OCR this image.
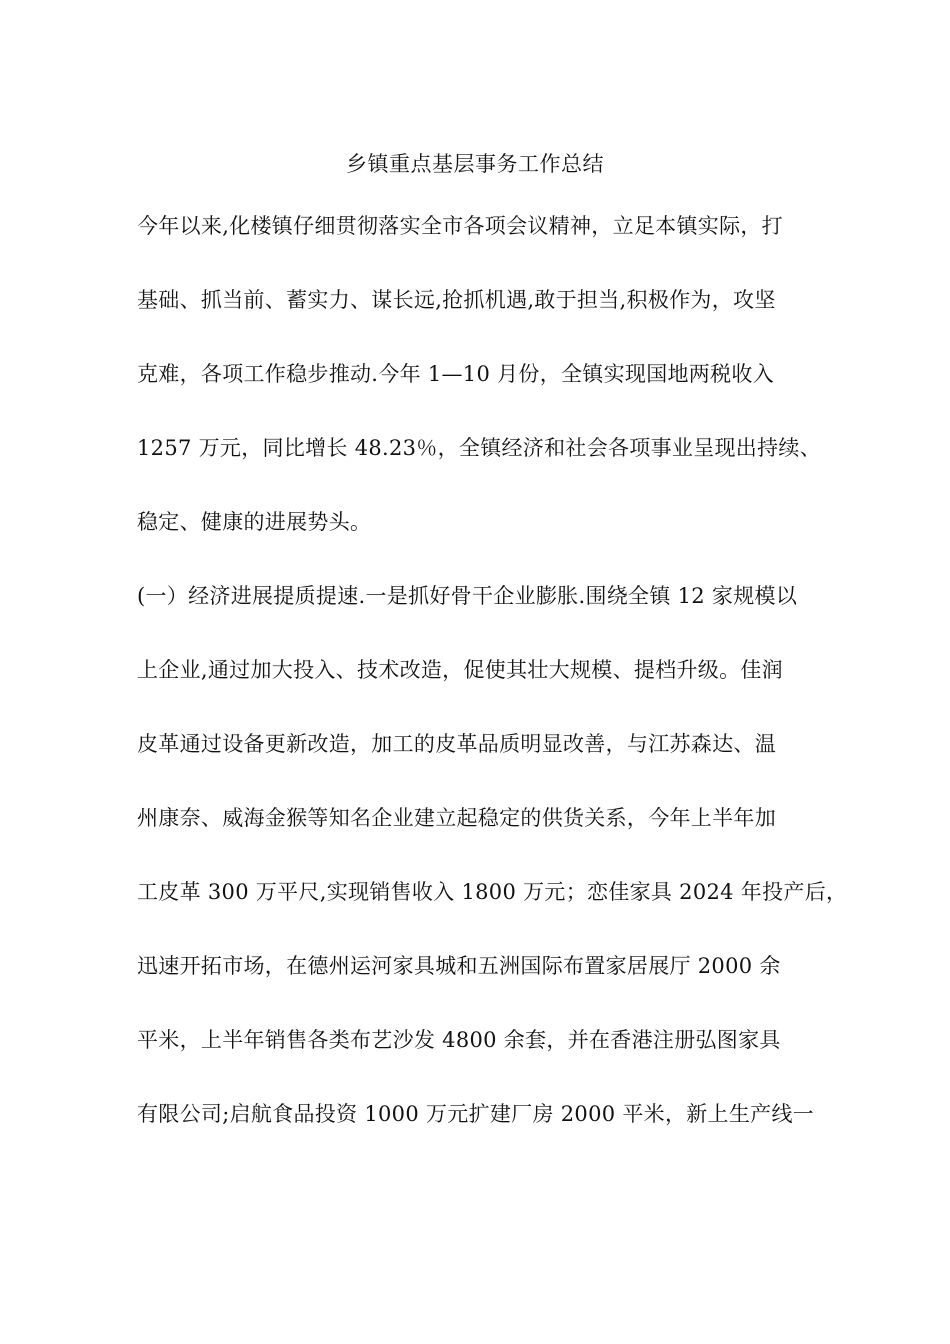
乡镇重点基层事务工作总结
今年以来,化楼镇仔细贯彻落实全市各项会议精神，立足本镇实际，打
基础、抓当前、蓄实力、谋长远,抢抓机遇,敢于担当,积极作为，攻坚
克难，各项工作稳步推动.今年 1—10 月份，全镇实现国地两税收入
1257 万元，同比增长 48.23％，全镇经济和社会各项事业呈现出持续、
稳定、健康的进展势头。
(一）经济进展提质提速.一是抓好骨干企业膨胀.围绕全镇 12 家规模以
上企业,通过加大投入、技术改造，促使其壮大规模、提档升级。佳润
皮革通过设备更新改造，加工的皮革品质明显改善，与江苏森达、温
州康奈、威海金猴等知名企业建立起稳定的供货关系，今年上半年加
工皮革 300 万平尺,实现销售收入 1800 万元；恋佳家具 2024 年投产后，
迅速开拓市场，在德州运河家具城和五洲国际布置家居展厅 2000 余
平米，上半年销售各类布艺沙发 4800 余套，并在香港注册弘图家具
有限公司;启航食品投资 1000 万元扩建厂房 2000 平米，新上生产线一
